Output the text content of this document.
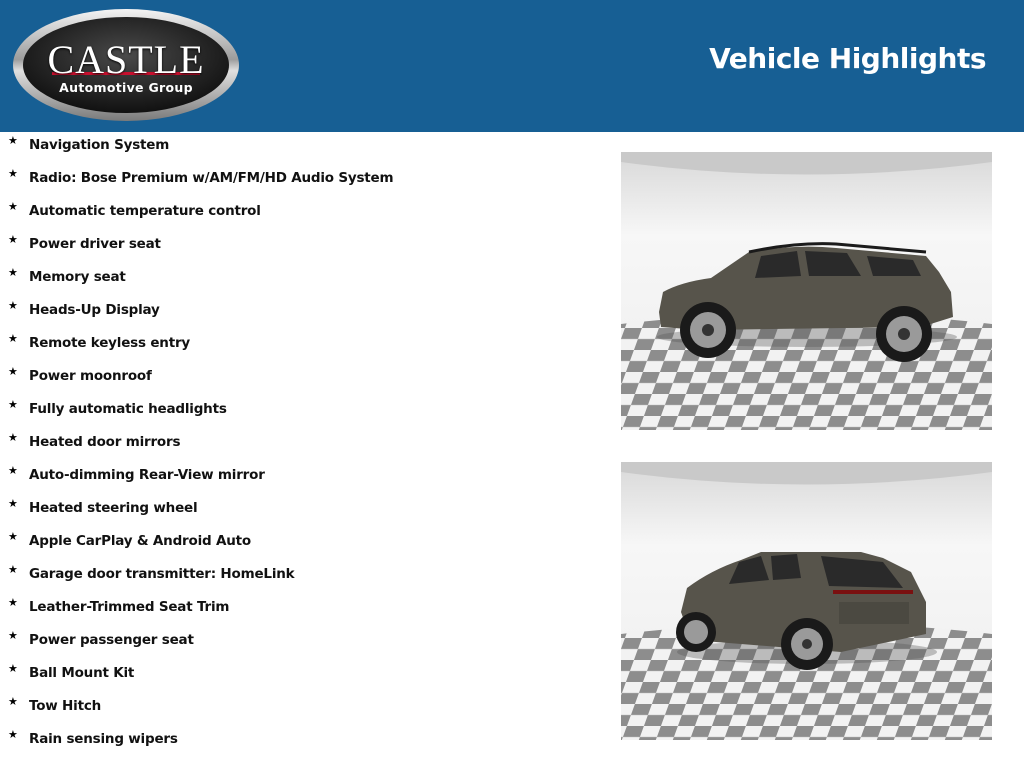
CASTLE
Automotive Group
Vehicle Highlights
★ Navigation System
★ Radio: Bose Premium w/AM/FM/HD Audio System
★ Automatic temperature control
★ Power driver seat
★ Memory seat
★ Heads-Up Display
★ Remote keyless entry
★ Power moonroof
★ Fully automatic headlights
★ Heated door mirrors
★ Auto-dimming Rear-View mirror
★ Heated steering wheel
★ Apple CarPlay & Android Auto
★ Garage door transmitter: HomeLink
★ Leather-Trimmed Seat Trim
★ Power passenger seat
★ Ball Mount Kit
★ Tow Hitch
★ Rain sensing wipers
